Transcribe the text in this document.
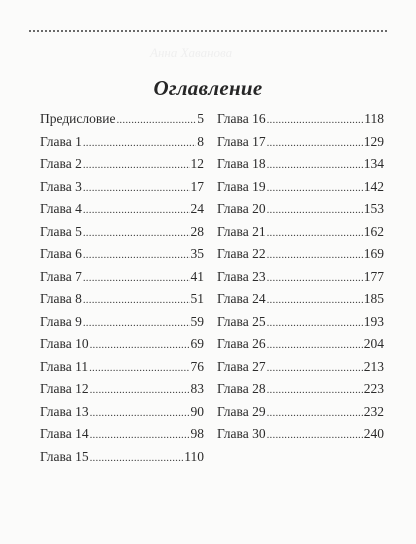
Анна Хаванова
Оглавление
Предисловие .....	5
Глава 1 .....	8
Глава 2 .....	12
Глава 3 .....	17
Глава 4 .....	24
Глава 5 .....	28
Глава 6 .....	35
Глава 7 .....	41
Глава 8 .....	51
Глава 9 .....	59
Глава 10 .....	69
Глава 11 .....	76
Глава 12 .....	83
Глава 13 .....	90
Глава 14 .....	98
Глава 15 .....	110
Глава 16 .....	118
Глава 17 .....	129
Глава 18 .....	134
Глава 19 .....	142
Глава 20 .....	153
Глава 21 .....	162
Глава 22 .....	169
Глава 23 .....	177
Глава 24 .....	185
Глава 25 .....	193
Глава 26 .....	204
Глава 27 .....	213
Глава 28 .....	223
Глава 29 .....	232
Глава 30 .....	240
